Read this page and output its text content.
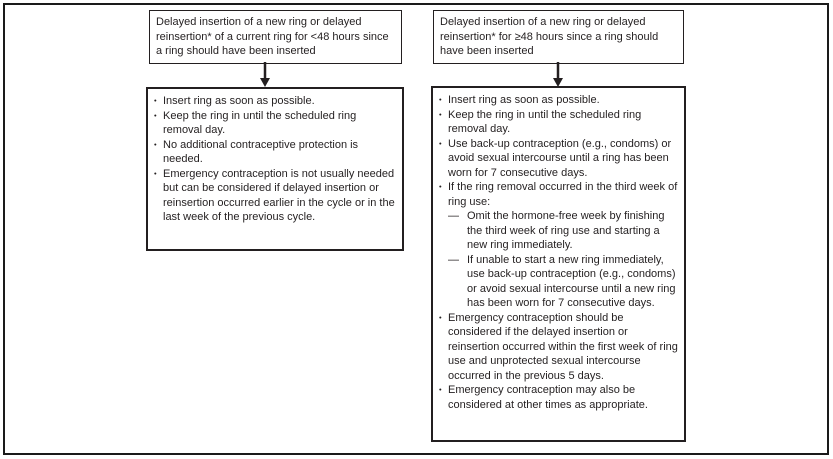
Delayed insertion of a new ring or delayed reinsertion* of a current ring for <48 hours since a ring should have been inserted
• Insert ring as soon as possible.
• Keep the ring in until the scheduled ring removal day.
• No additional contraceptive protection is needed.
• Emergency contraception is not usually needed but can be considered if delayed insertion or reinsertion occurred earlier in the cycle or in the last week of the previous cycle.
Delayed insertion of a new ring or delayed reinsertion* for ≥48 hours since a ring should have been inserted
• Insert ring as soon as possible.
• Keep the ring in until the scheduled ring removal day.
• Use back-up contraception (e.g., condoms) or avoid sexual intercourse until a ring has been worn for 7 consecutive days.
• If the ring removal occurred in the third week of ring use:
— Omit the hormone-free week by finishing the third week of ring use and starting a new ring immediately.
— If unable to start a new ring immediately, use back-up contraception (e.g., condoms) or avoid sexual intercourse until a new ring has been worn for 7 consecutive days.
• Emergency contraception should be considered if the delayed insertion or reinsertion occurred within the first week of ring use and unprotected sexual intercourse occurred in the previous 5 days.
• Emergency contraception may also be considered at other times as appropriate.
